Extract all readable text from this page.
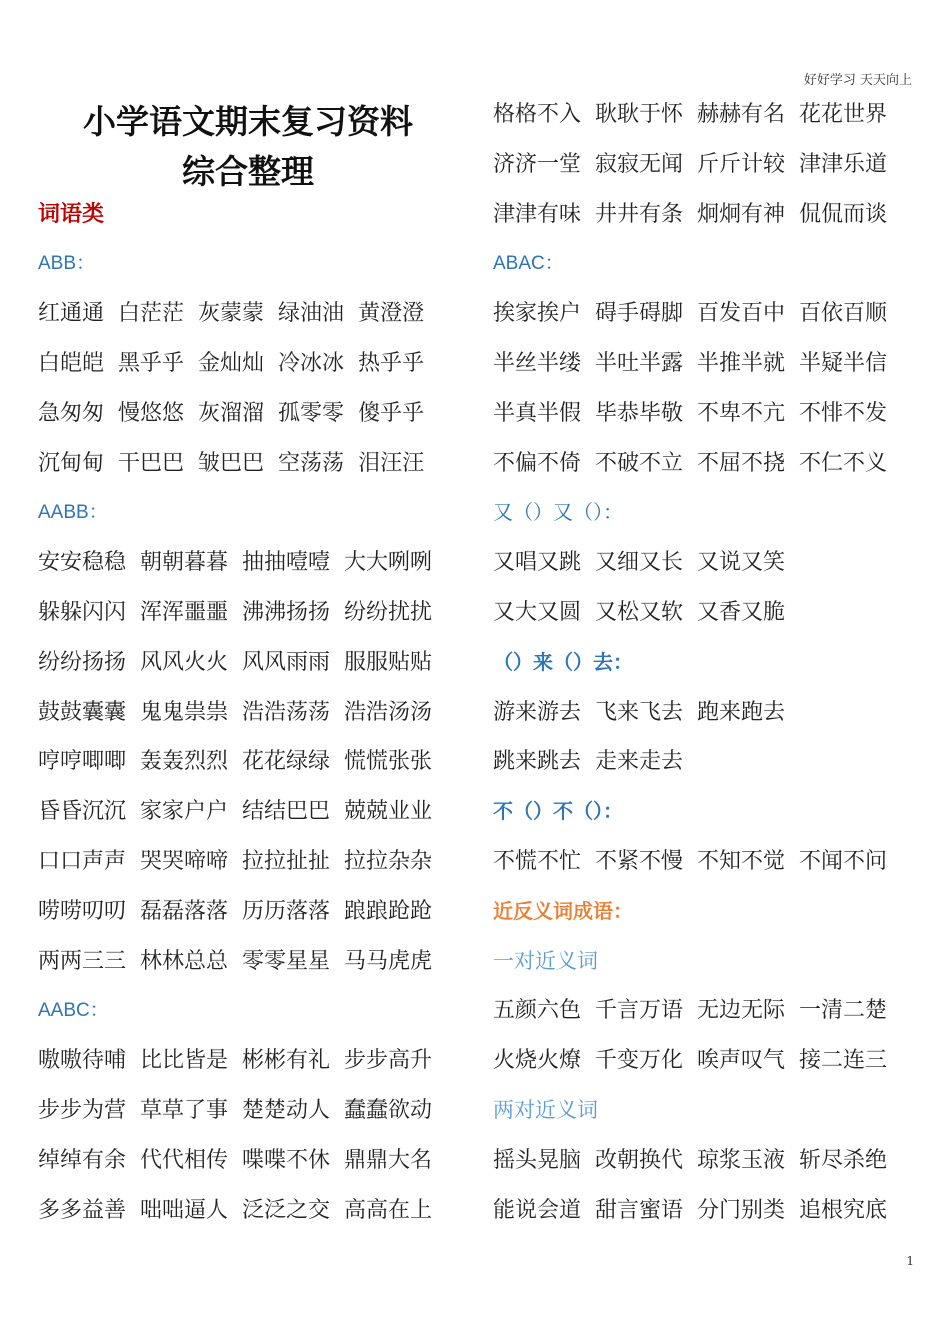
好好学习 天天向上
小学语文期末复习资料
综合整理
词语类
ABB：
红通通 白茫茫 灰蒙蒙 绿油油 黄澄澄
白皑皑 黑乎乎 金灿灿 冷冰冰 热乎乎
急匆匆 慢悠悠 灰溜溜 孤零零 傻乎乎
沉甸甸 干巴巴 皱巴巴 空荡荡 泪汪汪
AABB：
安安稳稳 朝朝暮暮 抽抽噎噎 大大咧咧
躲躲闪闪 浑浑噩噩 沸沸扬扬 纷纷扰扰
纷纷扬扬 风风火火 风风雨雨 服服贴贴
鼓鼓囊囊 鬼鬼祟祟 浩浩荡荡 浩浩汤汤
哼哼唧唧 轰轰烈烈 花花绿绿 慌慌张张
昏昏沉沉 家家户户 结结巴巴 兢兢业业
口口声声 哭哭啼啼 拉拉扯扯 拉拉杂杂
唠唠叨叨 磊磊落落 历历落落 踉踉跄跄
两两三三 林林总总 零零星星 马马虎虎
AABC：
嗷嗷待哺 比比皆是 彬彬有礼 步步高升
步步为营 草草了事 楚楚动人 蠢蠢欲动
绰绰有余 代代相传 喋喋不休 鼎鼎大名
多多益善 咄咄逼人 泛泛之交 高高在上
格格不入 耿耿于怀 赫赫有名 花花世界
济济一堂 寂寂无闻 斤斤计较 津津乐道
津津有味 井井有条 炯炯有神 侃侃而谈
ABAC：
挨家挨户 碍手碍脚 百发百中 百依百顺
半丝半缕 半吐半露 半推半就 半疑半信
半真半假 毕恭毕敬 不卑不亢 不悱不发
不偏不倚 不破不立 不屈不挠 不仁不义
又（）又（）：
又唱又跳 又细又长 又说又笑
又大又圆 又松又软 又香又脆
（）来（）去：
游来游去 飞来飞去 跑来跑去
跳来跳去 走来走去
不（）不（）：
不慌不忙 不紧不慢 不知不觉 不闻不问
近反义词成语：
一对近义词
五颜六色 千言万语 无边无际 一清二楚
火烧火燎 千变万化 唉声叹气 接二连三
两对近义词
摇头晃脑 改朝换代 琼浆玉液 斩尽杀绝
能说会道 甜言蜜语 分门别类 追根究底
1
